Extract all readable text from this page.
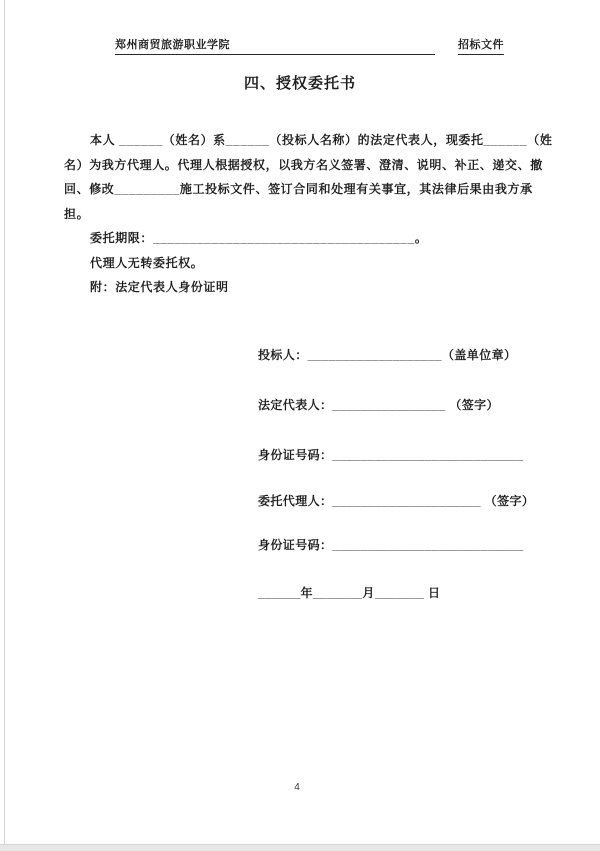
郑州商贸旅游职业学院	招标文件
四、授权委托书
本人 ______（姓名）系______（投标人名称）的法定代表人，现委托______（姓
名）为我方代理人。代理人根据授权，以我方名义签署、澄清、说明、补正、递交、撤
回、修改_________施工投标文件、签订合同和处理有关事宜，其法律后果由我方承
担。
委托期限：____________________________________。
代理人无转委托权。
附：法定代表人身份证明
投标人：___________________（盖单位章）
法定代表人：________________ （签字）
身份证号码：___________________________
委托代理人：_____________________ （签字）
身份证号码：___________________________
______年_______月_______ 日
4
